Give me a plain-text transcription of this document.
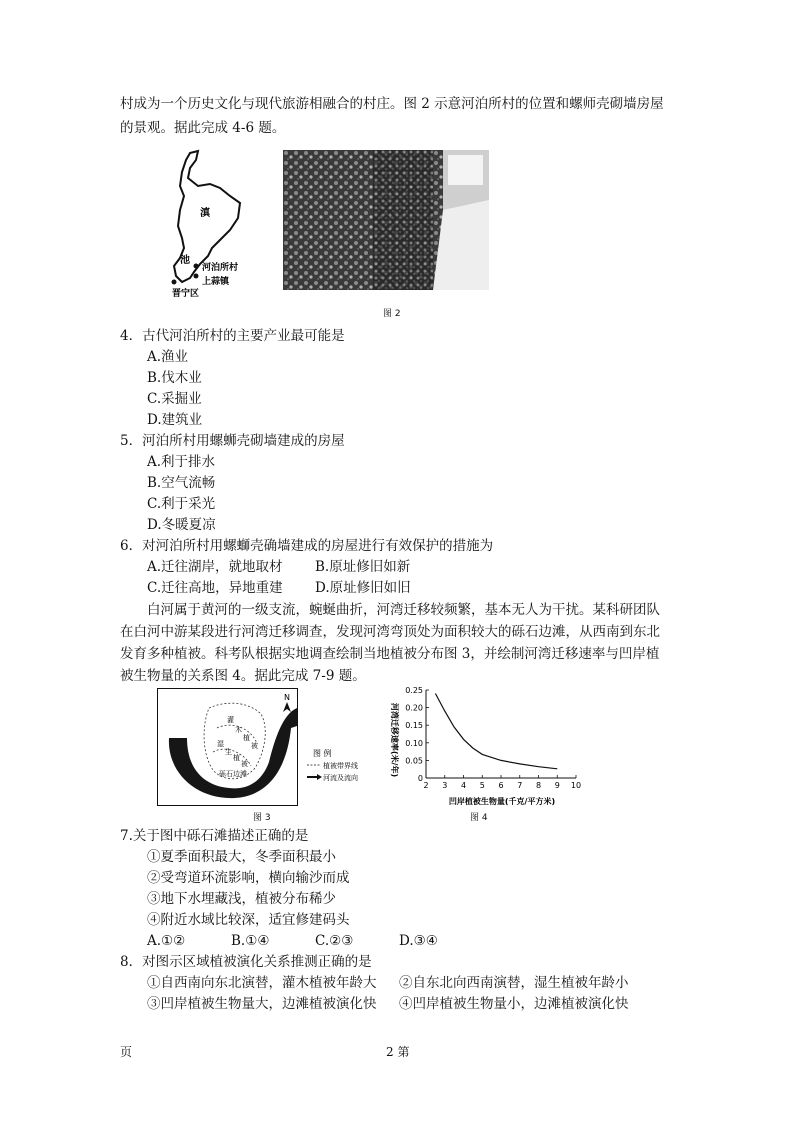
村成为一个历史文化与现代旅游相融合的村庄。图 2 示意河泊所村的位置和螺师壳砌墙房屋
的景观。据此完成 4-6 题。
滇
池
河泊所村
上蒜镇
晋宁区
图 2
4．古代河泊所村的主要产业最可能是
A.渔业
B.伐木业
C.采掘业
D.建筑业
5．河泊所村用螺蛳壳砌墙建成的房屋
A.利于排水
B.空气流畅
C.利于采光
D.冬暖夏凉
6．对河泊所村用螺螄壳确墙建成的房屋进行有效保护的措施为
A.迁往湖岸，就地取材 B.原址修旧如新
C.迁往高地，异地重建 D.原址修旧如旧
白河属于黄河的一级支流，蜿蜒曲折，河湾迁移较频繁，基本无人为干扰。某科研团队
在白河中游某段进行河湾迁移调查，发现河湾弯顶处为面积较大的砾石边滩，从西南到东北
发育多种植被。科考队根据实地调查绘制当地植被分布图 3，并绘制河湾迁移速率与凹岸植
被生物量的关系图 4。据此完成 7-9 题。
N
灌
木
植
被
湿
生
植
被
砾石边滩
图 例
植被带界线
河流及流向
图 3
河湾迁移速率(米/年)
凹岸植被生物量(千克/平方米)
2 3 4 5 6 7 8 9 10
0
0.05
0.10
0.15
0.20
0.25
图 4
7.关于图中砾石滩描述正确的是
①夏季面积最大，冬季面积最小
②受弯道环流影响，横向输沙而成
③地下水埋藏浅，植被分布稀少
④附近水域比较深，适宜修建码头
A.①②	B.①④	C.②③	D.③④
8．对图示区域植被演化关系推测正确的是
①自西南向东北演替，灌木植被年龄大 ②自东北向西南演替，湿生植被年龄小
③凹岸植被生物量大，边滩植被演化快 ④凹岸植被生物量小，边滩植被演化快
页	2 第
